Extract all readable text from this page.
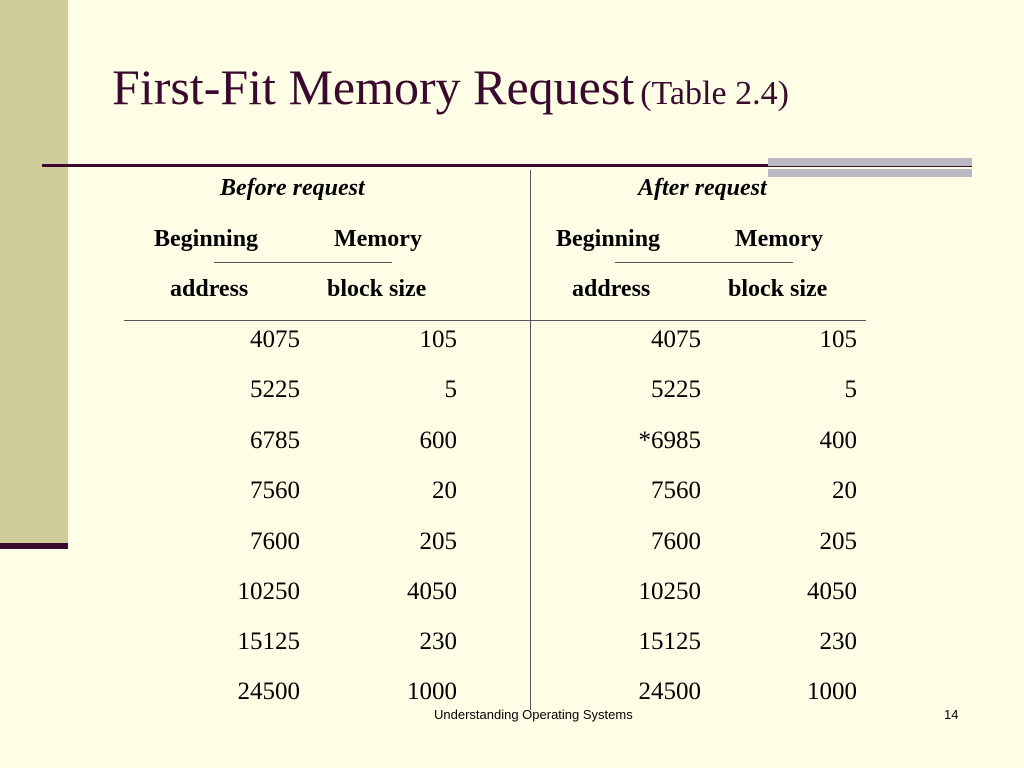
First-Fit Memory Request (Table 2.4)
Before request	After request
Beginning	Memory	Beginning	Memory
address	block size	address	block size
4075	105	4075	105
5225	5	5225	5
6785	600	*6985	400
7560	20	7560	20
7600	205	7600	205
10250	4050	10250	4050
15125	230	15125	230
24500	1000	24500	1000
Understanding Operating Systems	14
